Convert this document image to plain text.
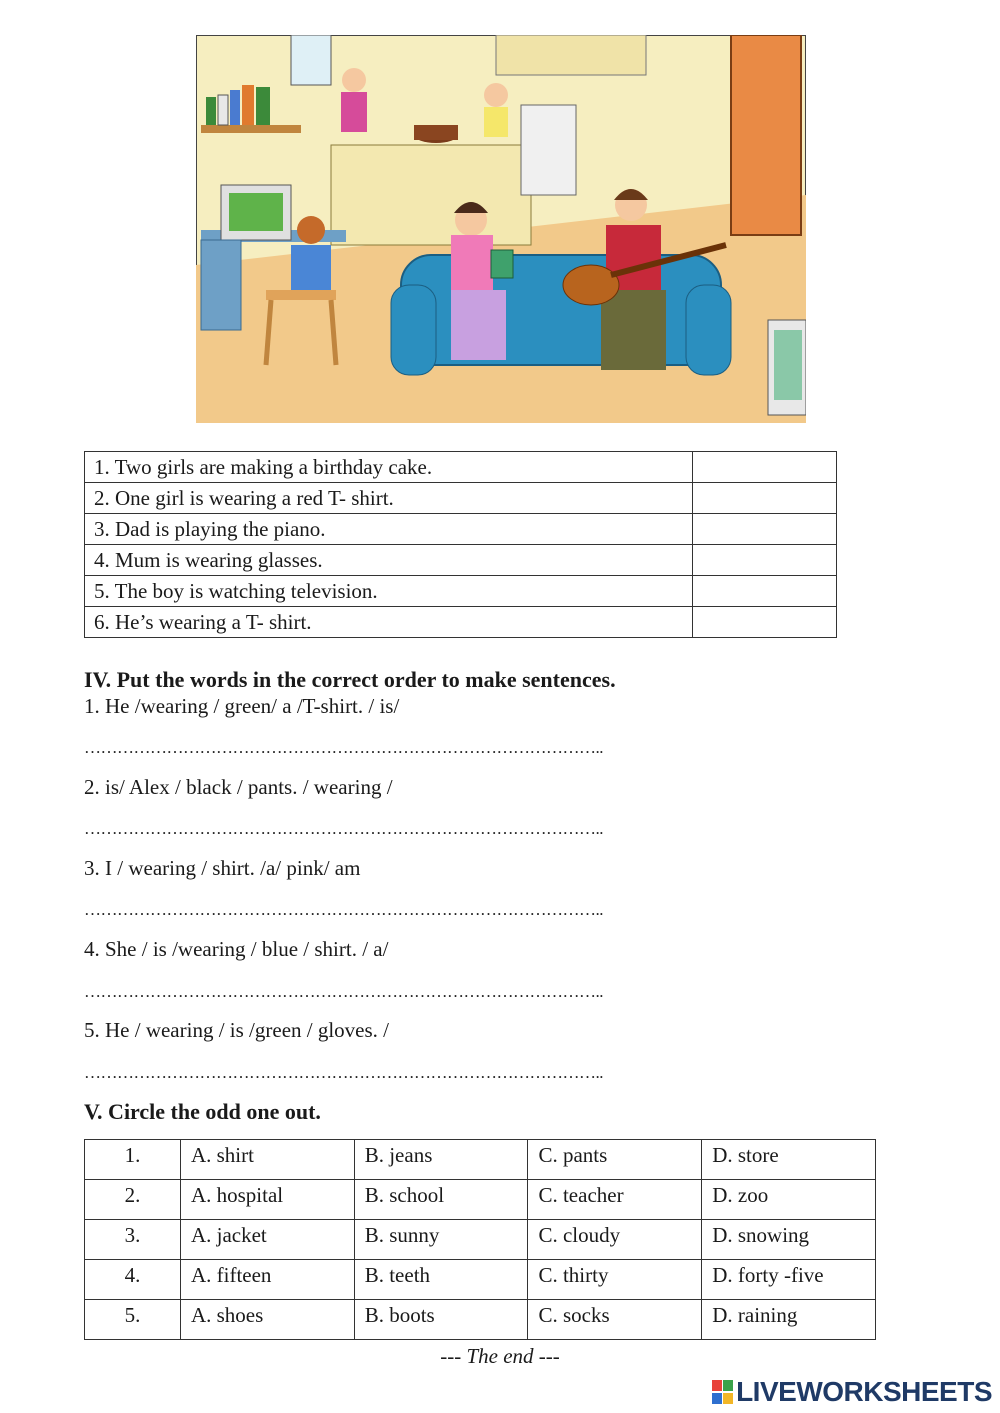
1. Two girls are making a birthday cake.	
2. One girl is wearing a red T- shirt.	
3. Dad is playing the piano.	
4. Mum is wearing glasses.	
5. The boy is watching television.	
6. He’s wearing a T- shirt.	
IV. Put the words in the correct order to make sentences.
1. He /wearing / green/ a /T-shirt. / is/
…………………………………………………………………………………..
2. is/ Alex / black / pants. / wearing /
…………………………………………………………………………………..
3. I / wearing / shirt. /a/ pink/ am
…………………………………………………………………………………..
4. She / is /wearing / blue / shirt. / a/
…………………………………………………………………………………..
5. He / wearing / is /green / gloves. /
…………………………………………………………………………………..
V. Circle the odd one out.
1.	A. shirt	B. jeans	C. pants	D. store
2.	A. hospital	B. school	C. teacher	D. zoo
3.	A. jacket	B. sunny	C. cloudy	D. snowing
4.	A. fifteen	B. teeth	C. thirty	D. forty -five
5.	A. shoes	B. boots	C. socks	D. raining
--- The end ---
LIVEWORKSHEETS
